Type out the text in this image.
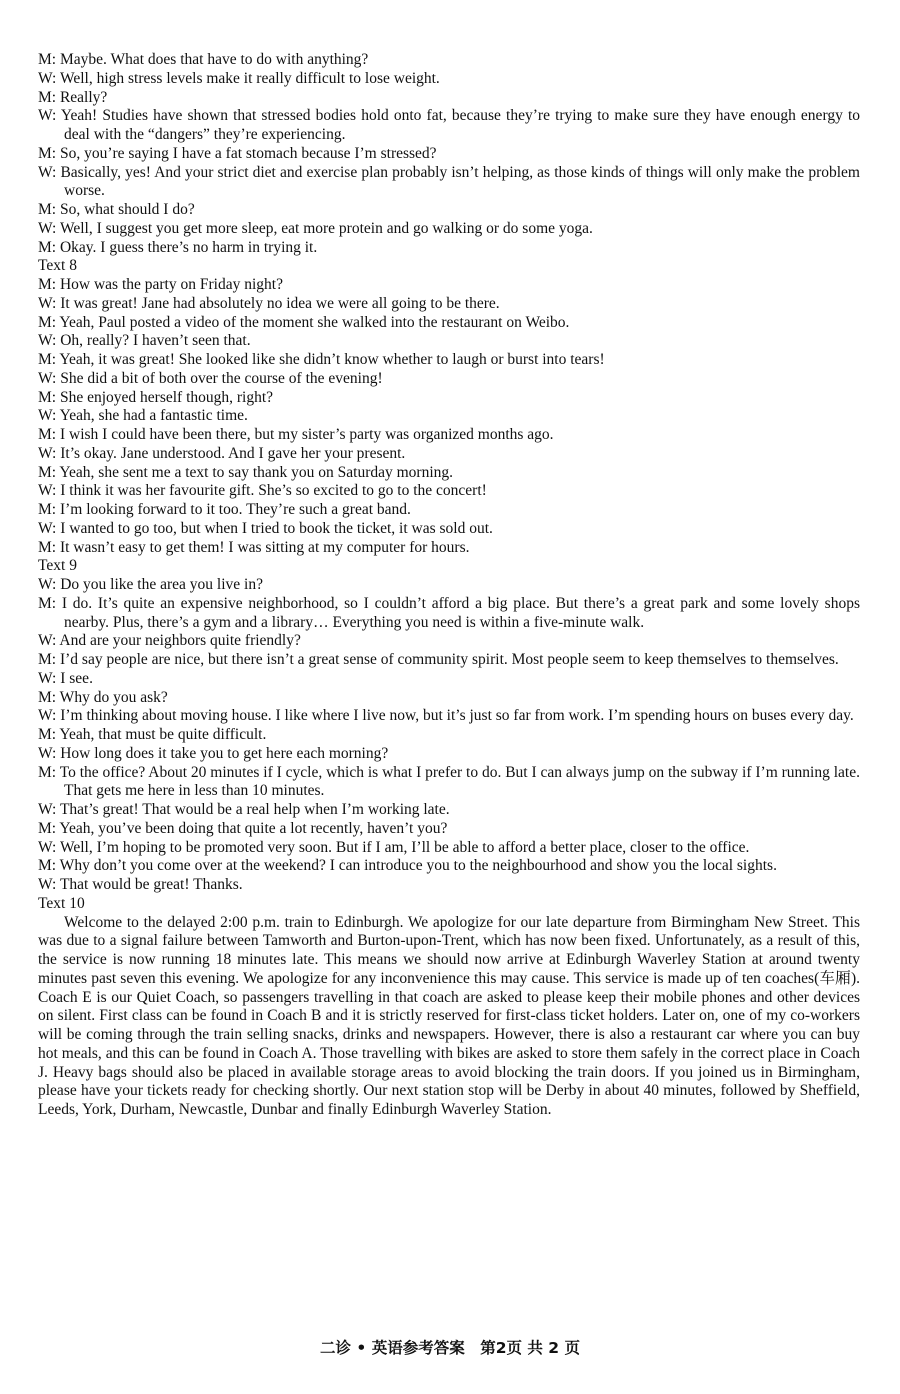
M: Maybe. What does that have to do with anything?
W: Well, high stress levels make it really difficult to lose weight.
M: Really?
W: Yeah! Studies have shown that stressed bodies hold onto fat, because they’re trying to make sure they have enough energy to deal with the “dangers” they’re experiencing.
M: So, you’re saying I have a fat stomach because I’m stressed?
W: Basically, yes! And your strict diet and exercise plan probably isn’t helping, as those kinds of things will only make the problem worse.
M: So, what should I do?
W: Well, I suggest you get more sleep, eat more protein and go walking or do some yoga.
M: Okay. I guess there’s no harm in trying it.
Text 8
M: How was the party on Friday night?
W: It was great! Jane had absolutely no idea we were all going to be there.
M: Yeah, Paul posted a video of the moment she walked into the restaurant on Weibo.
W: Oh, really? I haven’t seen that.
M: Yeah, it was great! She looked like she didn’t know whether to laugh or burst into tears!
W: She did a bit of both over the course of the evening!
M: She enjoyed herself though, right?
W: Yeah, she had a fantastic time.
M: I wish I could have been there, but my sister’s party was organized months ago.
W: It’s okay. Jane understood. And I gave her your present.
M: Yeah, she sent me a text to say thank you on Saturday morning.
W: I think it was her favourite gift. She’s so excited to go to the concert!
M: I’m looking forward to it too. They’re such a great band.
W: I wanted to go too, but when I tried to book the ticket, it was sold out.
M: It wasn’t easy to get them! I was sitting at my computer for hours.
Text 9
W: Do you like the area you live in?
M: I do. It’s quite an expensive neighborhood, so I couldn’t afford a big place. But there’s a great park and some lovely shops nearby. Plus, there’s a gym and a library… Everything you need is within a five-minute walk.
W: And are your neighbors quite friendly?
M: I’d say people are nice, but there isn’t a great sense of community spirit. Most people seem to keep themselves to themselves.
W: I see.
M: Why do you ask?
W: I’m thinking about moving house. I like where I live now, but it’s just so far from work. I’m spending hours on buses every day.
M: Yeah, that must be quite difficult.
W: How long does it take you to get here each morning?
M: To the office? About 20 minutes if I cycle, which is what I prefer to do. But I can always jump on the subway if I’m running late. That gets me here in less than 10 minutes.
W: That’s great! That would be a real help when I’m working late.
M: Yeah, you’ve been doing that quite a lot recently, haven’t you?
W: Well, I’m hoping to be promoted very soon. But if I am, I’ll be able to afford a better place, closer to the office.
M: Why don’t you come over at the weekend? I can introduce you to the neighbourhood and show you the local sights.
W: That would be great! Thanks.
Text 10
Welcome to the delayed 2:00 p.m. train to Edinburgh. We apologize for our late departure from Birmingham New Street. This was due to a signal failure between Tamworth and Burton-upon-Trent, which has now been fixed. Unfortunately, as a result of this, the service is now running 18 minutes late. This means we should now arrive at Edinburgh Waverley Station at around twenty minutes past seven this evening. We apologize for any inconvenience this may cause. This service is made up of ten coaches(车厢). Coach E is our Quiet Coach, so passengers travelling in that coach are asked to please keep their mobile phones and other devices on silent. First class can be found in Coach B and it is strictly reserved for first-class ticket holders. Later on, one of my co-workers will be coming through the train selling snacks, drinks and newspapers. However, there is also a restaurant car where you can buy hot meals, and this can be found in Coach A. Those travelling with bikes are asked to store them safely in the correct place in Coach J. Heavy bags should also be placed in available storage areas to avoid blocking the train doors. If you joined us in Birmingham, please have your tickets ready for checking shortly. Our next station stop will be Derby in about 40 minutes, followed by Sheffield, Leeds, York, Durham, Newcastle, Dunbar and finally Edinburgh Waverley Station.
二诊 • 英语参考答案　第2页 共 2 页
